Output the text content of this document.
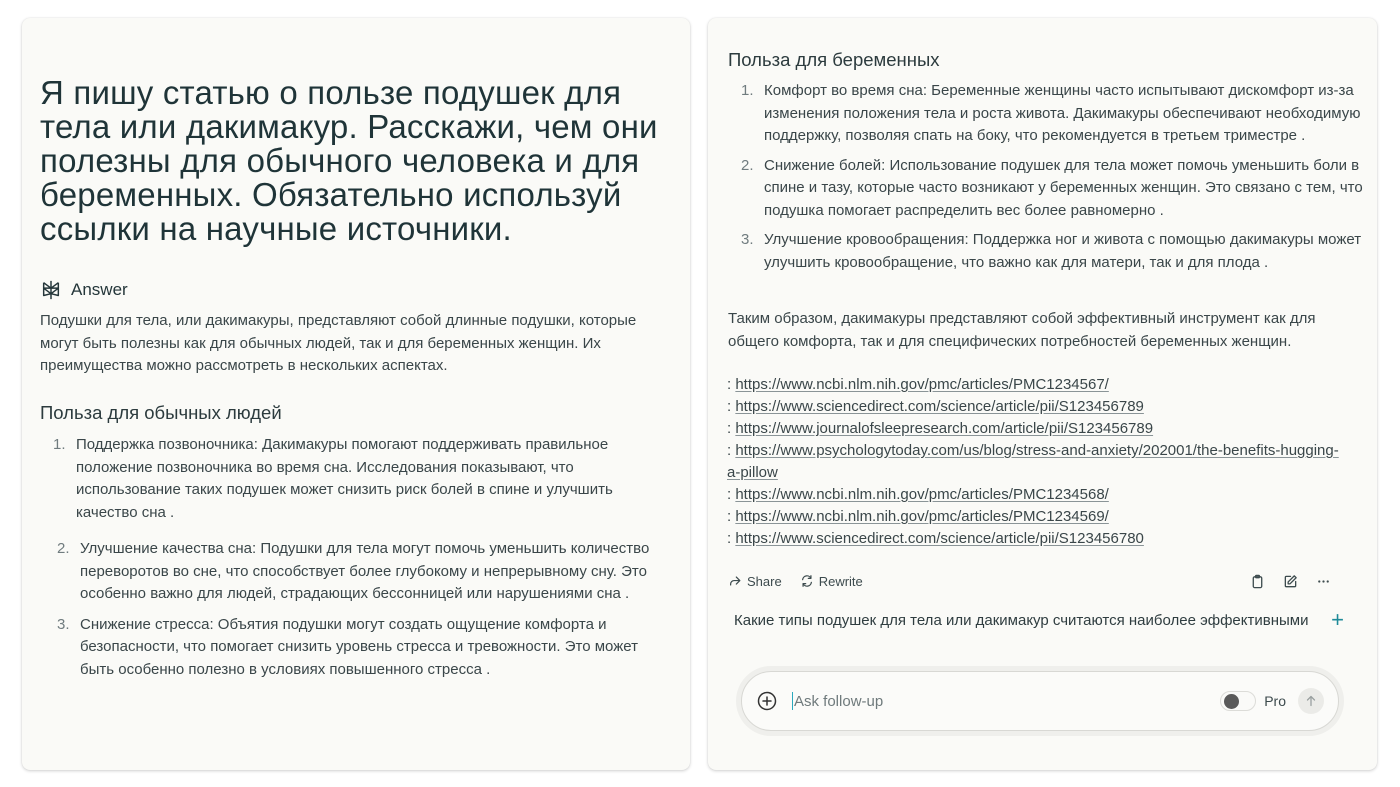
Я пишу статью о пользе подушек для тела или дакимакур. Расскажи, чем они полезны для обычного человека и для беременных. Обязательно используй ссылки на научные источники.
Answer

Подушки для тела, или дакимакуры, представляют собой длинные подушки, которые могут быть полезны как для обычных людей, так и для беременных женщин. Их преимущества можно рассмотреть в нескольких аспектах.

Польза для обычных людей
1. Поддержка позвоночника: Дакимакуры помогают поддерживать правильное положение позвоночника во время сна. Исследования показывают, что использование таких подушек может снизить риск болей в спине и улучшить качество сна .
2. Улучшение качества сна: Подушки для тела могут помочь уменьшить количество переворотов во сне, что способствует более глубокому и непрерывному сну. Это особенно важно для людей, страдающих бессонницей или нарушениями сна .
3. Снижение стресса: Объятия подушки могут создать ощущение комфорта и безопасности, что помогает снизить уровень стресса и тревожности. Это может быть особенно полезно в условиях повышенного стресса .
Польза для беременных
1. Комфорт во время сна: Беременные женщины часто испытывают дискомфорт из-за изменения положения тела и роста живота. Дакимакуры обеспечивают необходимую поддержку, позволяя спать на боку, что рекомендуется в третьем триместре .
2. Снижение болей: Использование подушек для тела может помочь уменьшить боли в спине и тазу, которые часто возникают у беременных женщин. Это связано с тем, что подушка помогает распределить вес более равномерно .
3. Улучшение кровообращения: Поддержка ног и живота с помощью дакимакуры может улучшить кровообращение, что важно как для матери, так и для плода .

Таким образом, дакимакуры представляют собой эффективный инструмент как для общего комфорта, так и для специфических потребностей беременных женщин.

: https://www.ncbi.nlm.nih.gov/pmc/articles/PMC1234567/
: https://www.sciencedirect.com/science/article/pii/S123456789
: https://www.journalofsleepresearch.com/article/pii/S123456789
: https://www.psychologytoday.com/us/blog/stress-and-anxiety/202001/the-benefits-hugging-a-pillow
: https://www.ncbi.nlm.nih.gov/pmc/articles/PMC1234568/
: https://www.ncbi.nlm.nih.gov/pmc/articles/PMC1234569/
: https://www.sciencedirect.com/science/article/pii/S123456780
Share	Rewrite
Какие типы подушек для тела или дакимакур считаются наиболее эффективными +
Ask follow-up
Pro
